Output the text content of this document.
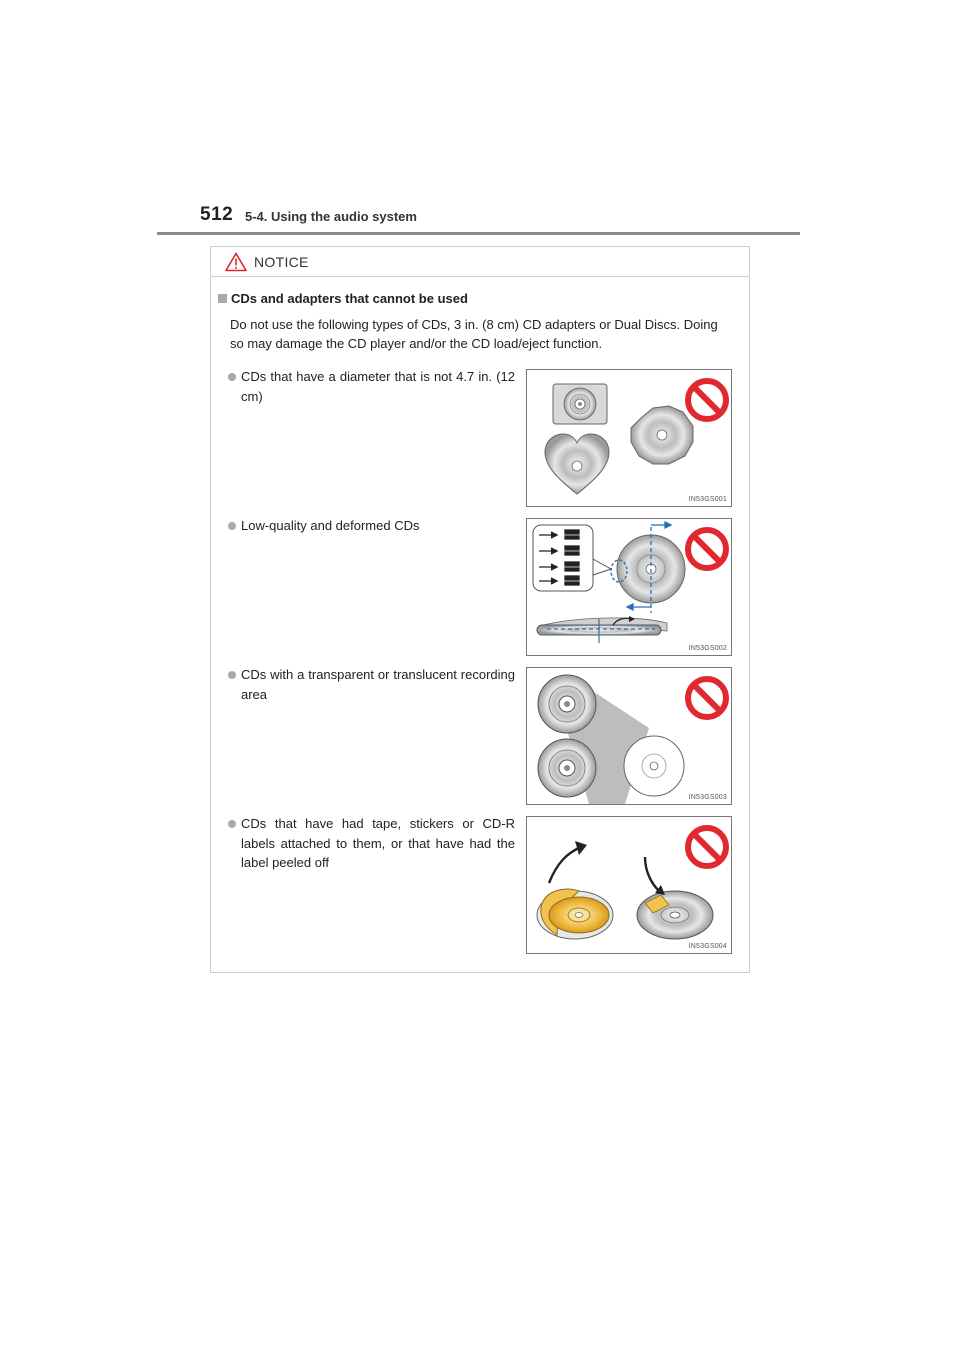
512 5-4. Using the audio system
NOTICE
CDs and adapters that cannot be used
Do not use the following types of CDs, 3 in. (8 cm) CD adapters or Dual Discs. Doing so may damage the CD player and/or the CD load/eject function.
CDs that have a diameter that is not 4.7 in. (12 cm)
IN53GS001
Low-quality and deformed CDs
IN53GS002
CDs with a transparent or translucent recording area
IN53GS003
CDs that have had tape, stickers or CD-R labels attached to them, or that have had the label peeled off
IN53GS004
